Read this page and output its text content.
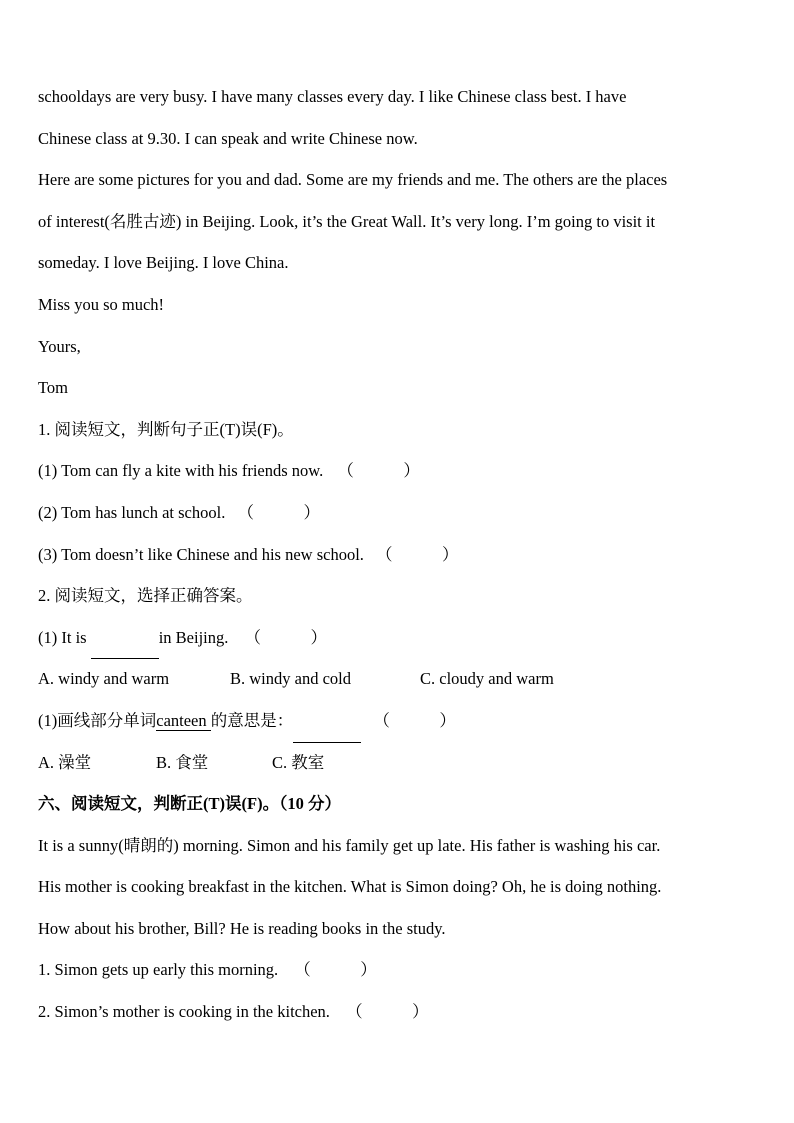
schooldays are very busy. I have many classes every day. I like Chinese class best. I have
Chinese class at 9.30. I can speak and write Chinese now.
Here are some pictures for you and dad. Some are my friends and me. The others are the places
of interest(名胜古迹) in Beijing. Look, it’s the Great Wall. It’s very long. I’m going to visit it
someday. I love Beijing. I love China.
Miss you so much!
Yours,
Tom
1. 阅读短文，判断句子正(T)误(F)。
(1) Tom can fly a kite with his friends now. （　　　）
(2) Tom has lunch at school. （　　　）
(3) Tom doesn’t like Chinese and his new school. （　　　）
2. 阅读短文，选择正确答案。
(1) It is	in Beijing. （　　　）
A. windy and warm	B. windy and cold	C. cloudy and warm
(1)画线部分单词canteen 的意思是：	（　　　）
A. 澡堂	B. 食堂	C. 教室
六、阅读短文，判断正(T)误(F)。（10 分）
It is a sunny(晴朗的) morning. Simon and his family get up late. His father is washing his car.
His mother is cooking breakfast in the kitchen. What is Simon doing? Oh, he is doing nothing.
How about his brother, Bill? He is reading books in the study.
1. Simon gets up early this morning. （　　　）
2. Simon’s mother is cooking in the kitchen. （　　　）
